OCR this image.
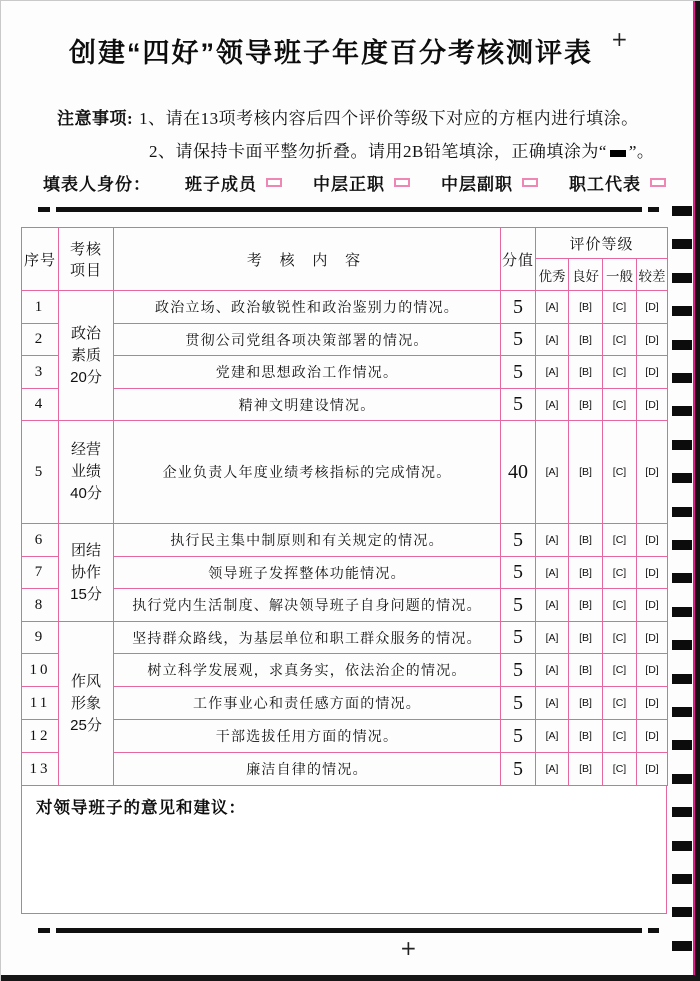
创建“四好”领导班子年度百分考核测评表 +
+
注意事项: 1、请在13项考核内容后四个评价等级下对应的方框内进行填涂。
2、请保持卡面平整勿折叠。请用2B铅笔填涂，正确填涂为“ ”。
填表人身份： 班子成员	中层正职	中层副职	职工代表
序号	考核
项目	考 核 内 容	分值	评价等级			
				优秀	良好	一般	较差
1	政治
素质
20分	政治立场、政治敏锐性和政治鉴别力的情况。	5	[A]	[B]	[C]	[D]
2		贯彻公司党组各项决策部署的情况。	5	[A]	[B]	[C]	[D]
3		党建和思想政治工作情况。	5	[A]	[B]	[C]	[D]
4		精神文明建设情况。	5	[A]	[B]	[C]	[D]
5	经营
业绩
40分	企业负责人年度业绩考核指标的完成情况。	40	[A]	[B]	[C]	[D]
6	团结
协作
15分	执行民主集中制原则和有关规定的情况。	5	[A]	[B]	[C]	[D]
7		领导班子发挥整体功能情况。	5	[A]	[B]	[C]	[D]
8		执行党内生活制度、解决领导班子自身问题的情况。	5	[A]	[B]	[C]	[D]
9	作风
形象
25分	坚持群众路线，为基层单位和职工群众服务的情况。	5	[A]	[B]	[C]	[D]
10		树立科学发展观，求真务实，依法治企的情况。	5	[A]	[B]	[C]	[D]
11		工作事业心和责任感方面的情况。	5	[A]	[B]	[C]	[D]
12		干部选拔任用方面的情况。	5	[A]	[B]	[C]	[D]
13		廉洁自律的情况。	5	[A]	[B]	[C]	[D]
对领导班子的意见和建议：
